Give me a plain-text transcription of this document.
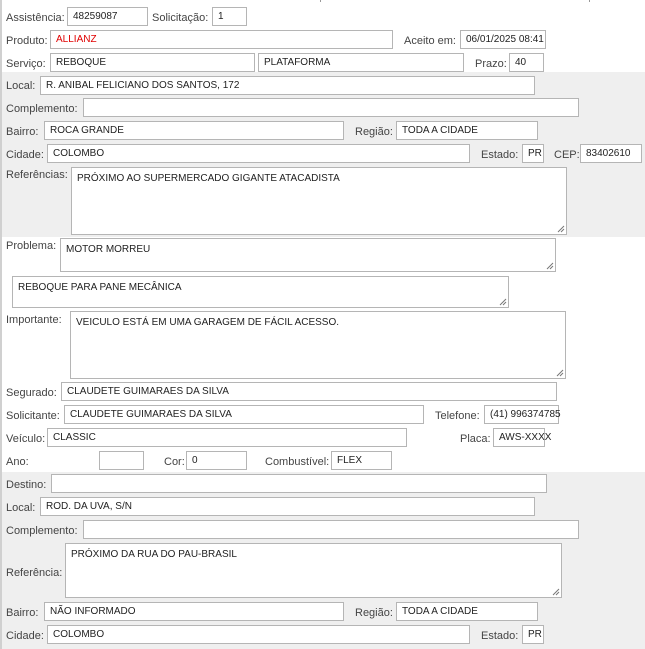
Assistência: 48259087	Solicitação: 1
Produto: ALLIANZ	Aceito em:	06/01/2025 08:41
Serviço:	REBOQUE	PLATAFORMA	Prazo: 40
Local:	R. ANIBAL FELICIANO DOS SANTOS, 172
Complemento:
Bairro:	ROCA GRANDE	Região: TODA A CIDADE
Cidade: COLOMBO	Estado: PR CEP: 83402610
Referências: PRÓXIMO AO SUPERMERCADO GIGANTE ATACADISTA
Problema: MOTOR MORREU
REBOQUE PARA PANE MECÂNICA
Importante:	VEICULO ESTÁ EM UMA GARAGEM DE FÁCIL ACESSO.
Segurado:	CLAUDETE GUIMARAES DA SILVA
Solicitante:	CLAUDETE GUIMARAES DA SILVA	Telefone:	(41) 996374785
Veículo: CLASSIC	Placa: AWS-XXXX
Ano:	Cor: 0	Combustível: FLEX
Destino:
Local:	ROD. DA UVA, S/N
Complemento:
Referência:
PRÓXIMO DA RUA DO PAU-BRASIL
Bairro:	NÃO INFORMADO	Região: TODA A CIDADE
Cidade: COLOMBO	Estado: PR
